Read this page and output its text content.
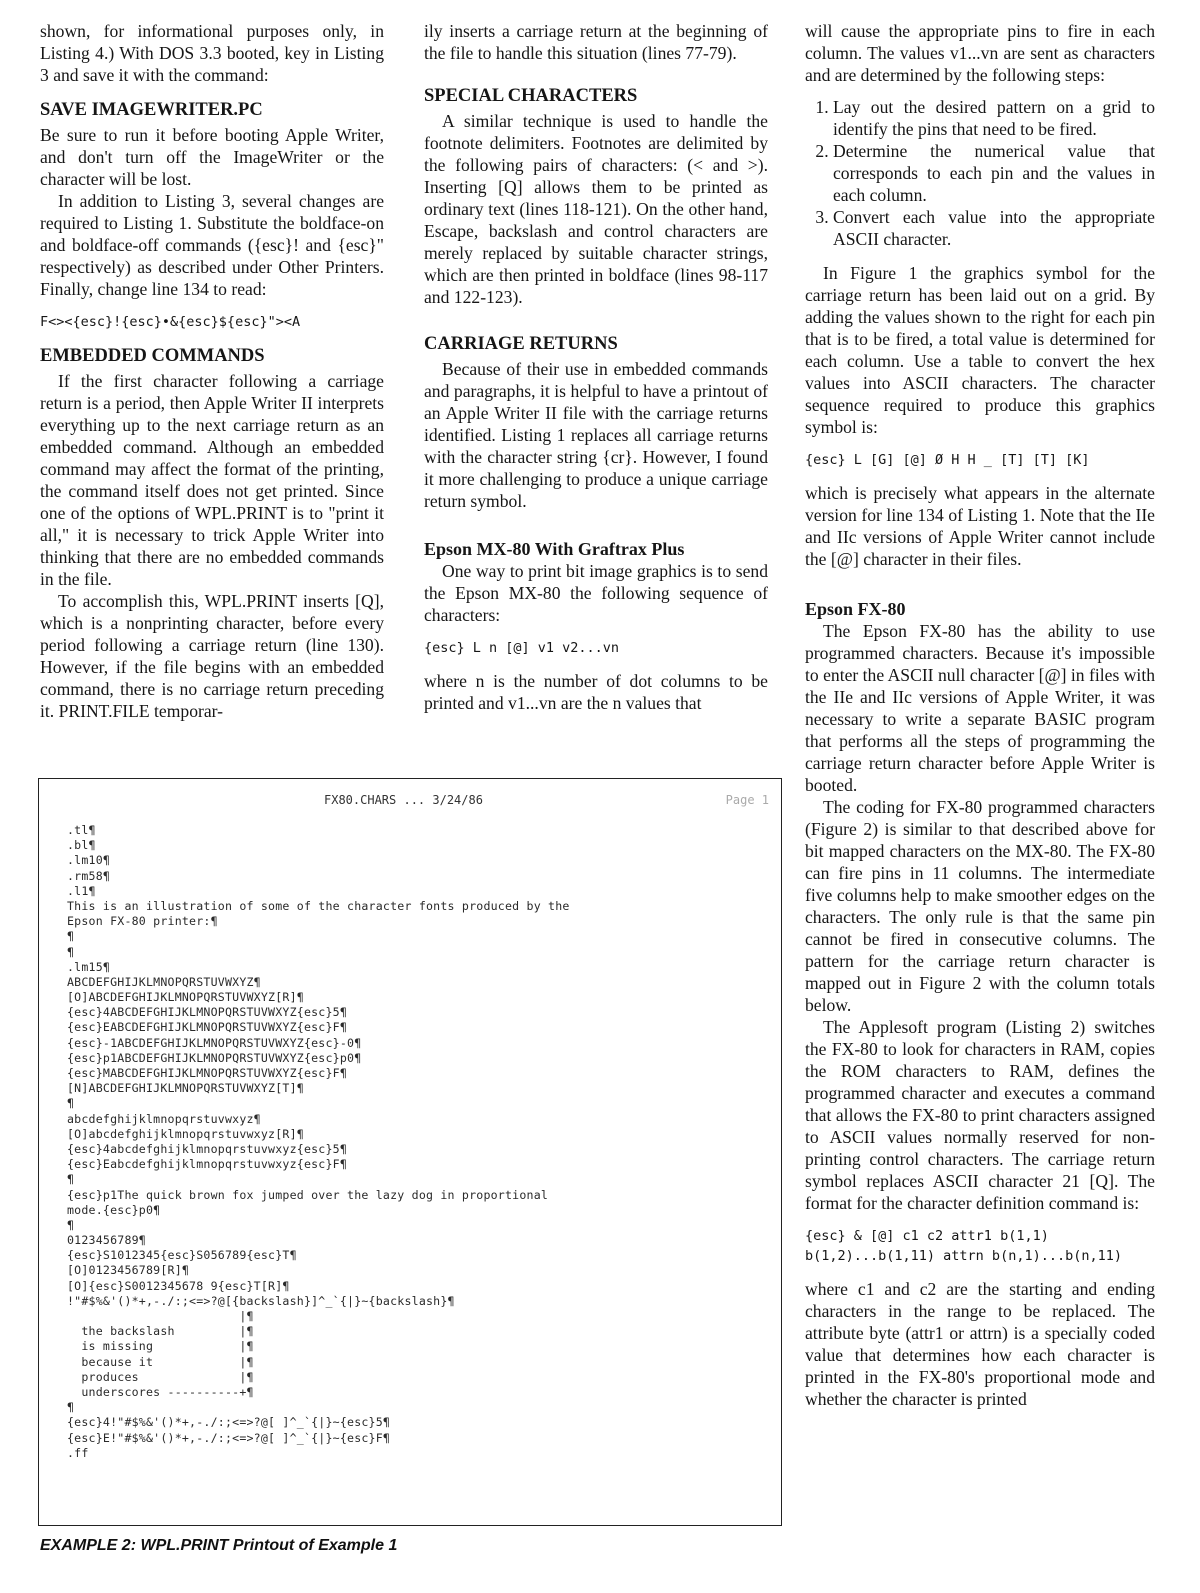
shown, for informational purposes only, in Listing 4.) With DOS 3.3 booted, key in Listing 3 and save it with the command:

SAVE IMAGEWRITER.PC

Be sure to run it before booting Apple Writer, and don't turn off the ImageWriter or the character will be lost.

In addition to Listing 3, several changes are required to Listing 1. Substitute the boldface-on and boldface-off commands ({esc}! and {esc}" respectively) as described under Other Printers. Finally, change line 134 to read:

F<><{esc}!{esc}•&{esc}${esc}"><A
EMBEDDED COMMANDS

If the first character following a carriage return is a period, then Apple Writer II interprets everything up to the next carriage return as an embedded command. Although an embedded command may affect the format of the printing, the command itself does not get printed. Since one of the options of WPL.PRINT is to "print it all," it is necessary to trick Apple Writer into thinking that there are no embedded commands in the file.

To accomplish this, WPL.PRINT inserts [Q], which is a nonprinting character, before every period following a carriage return (line 130). However, if the file begins with an embedded command, there is no carriage return preceding it. PRINT.FILE temporar-

ily inserts a carriage return at the beginning of the file to handle this situation (lines 77-79).

SPECIAL CHARACTERS

A similar technique is used to handle the footnote delimiters. Footnotes are delimited by the following pairs of characters: (< and >). Inserting [Q] allows them to be printed as ordinary text (lines 118-121). On the other hand, Escape, backslash and control characters are merely replaced by suitable character strings, which are then printed in boldface (lines 98-117 and 122-123).

CARRIAGE RETURNS

Because of their use in embedded commands and paragraphs, it is helpful to have a printout of an Apple Writer II file with the carriage returns identified. Listing 1 replaces all carriage returns with the character string {cr}. However, I found it more challenging to produce a unique carriage return symbol.

Epson MX-80 With Graftrax Plus

One way to print bit image graphics is to send the Epson MX-80 the following sequence of characters:

{esc} L n [@] v1 v2...vn

where n is the number of dot columns to be printed and v1...vn are the n values that

will cause the appropriate pins to fire in each column. The values v1...vn are sent as characters and are determined by the following steps:

1. Lay out the desired pattern on a grid to identify the pins that need to be fired.
2. Determine the numerical value that corresponds to each pin and the values in each column.
3. Convert each value into the appropriate ASCII character.

In Figure 1 the graphics symbol for the carriage return has been laid out on a grid. By adding the values shown to the right for each pin that is to be fired, a total value is determined for each column. Use a table to convert the hex values into ASCII characters. The character sequence required to produce this graphics symbol is:

{esc} L [G] [@] Ø H H _ [T] [T] [K]

which is precisely what appears in the alternate version for line 134 of Listing 1. Note that the IIe and IIc versions of Apple Writer cannot include the [@] character in their files.

Epson FX-80

The Epson FX-80 has the ability to use programmed characters. Because it's impossible to enter the ASCII null character [@] in files with the IIe and IIc versions of Apple Writer, it was necessary to write a separate BASIC program that performs all the steps of programming the carriage return character before Apple Writer is booted.

The coding for FX-80 programmed characters (Figure 2) is similar to that described above for bit mapped characters on the MX-80. The FX-80 can fire pins in 11 columns. The intermediate five columns help to make smoother edges on the characters. The only rule is that the same pin cannot be fired in consecutive columns. The pattern for the carriage return character is mapped out in Figure 2 with the column totals below.

The Applesoft program (Listing 2) switches the FX-80 to look for characters in RAM, copies the ROM characters to RAM, defines the programmed character and executes a command that allows the FX-80 to print characters assigned to ASCII values normally reserved for non-printing control characters. The carriage return symbol replaces ASCII character 21 [Q]. The format for the character definition command is:

{esc} & [@] c1 c2 attr1 b(1,1) b(1,2)...b(1,11) attrn b(n,1)...b(n,11)

where c1 and c2 are the starting and ending characters in the range to be replaced. The attribute byte (attr1 or attrn) is a specially coded value that determines how each character is printed in the FX-80's proportional mode and whether the character is printed

FX80.CHARS ... 3/24/86	Page 1
.tl¶
.bl¶
.lm10¶
.rm58¶
.l1¶
This is an illustration of some of the character fonts produced by the
Epson FX-80 printer:¶
¶
¶
.lm15¶
ABCDEFGHIJKLMNOPQRSTUVWXYZ¶
[O]ABCDEFGHIJKLMNOPQRSTUVWXYZ[R]¶
{esc}4ABCDEFGHIJKLMNOPQRSTUVWXYZ{esc}5¶
{esc}EABCDEFGHIJKLMNOPQRSTUVWXYZ{esc}F¶
{esc}-1ABCDEFGHIJKLMNOPQRSTUVWXYZ{esc}-0¶
{esc}p1ABCDEFGHIJKLMNOPQRSTUVWXYZ{esc}p0¶
{esc}MABCDEFGHIJKLMNOPQRSTUVWXYZ{esc}F¶
[N]ABCDEFGHIJKLMNOPQRSTUVWXYZ[T]¶
¶
abcdefghijklmnopqrstuvwxyz¶
[O]abcdefghijklmnopqrstuvwxyz[R]¶
{esc}4abcdefghijklmnopqrstuvwxyz{esc}5¶
{esc}Eabcdefghijklmnopqrstuvwxyz{esc}F¶
¶
{esc}p1The quick brown fox jumped over the lazy dog in proportional
mode.{esc}p0¶
¶
0123456789¶
{esc}S1012345{esc}S056789{esc}T¶
[O]0123456789[R]¶
[O]{esc}S0012345678 9{esc}T[R]¶
!"#$%&'()*+,-./:;<=>?@[{backslash}]^_`{|}~{backslash}¶
|¶
the backslash         |¶
is missing            |¶
because it            |¶
produces              |¶
underscores ----------+¶
¶
{esc}4!"#$%&'()*+,-./:;<=>?@[ ]^_`{|}~{esc}5¶
{esc}E!"#$%&'()*+,-./:;<=>?@[ ]^_`{|}~{esc}F¶
.ff
EXAMPLE 2: WPL.PRINT Printout of Example 1
